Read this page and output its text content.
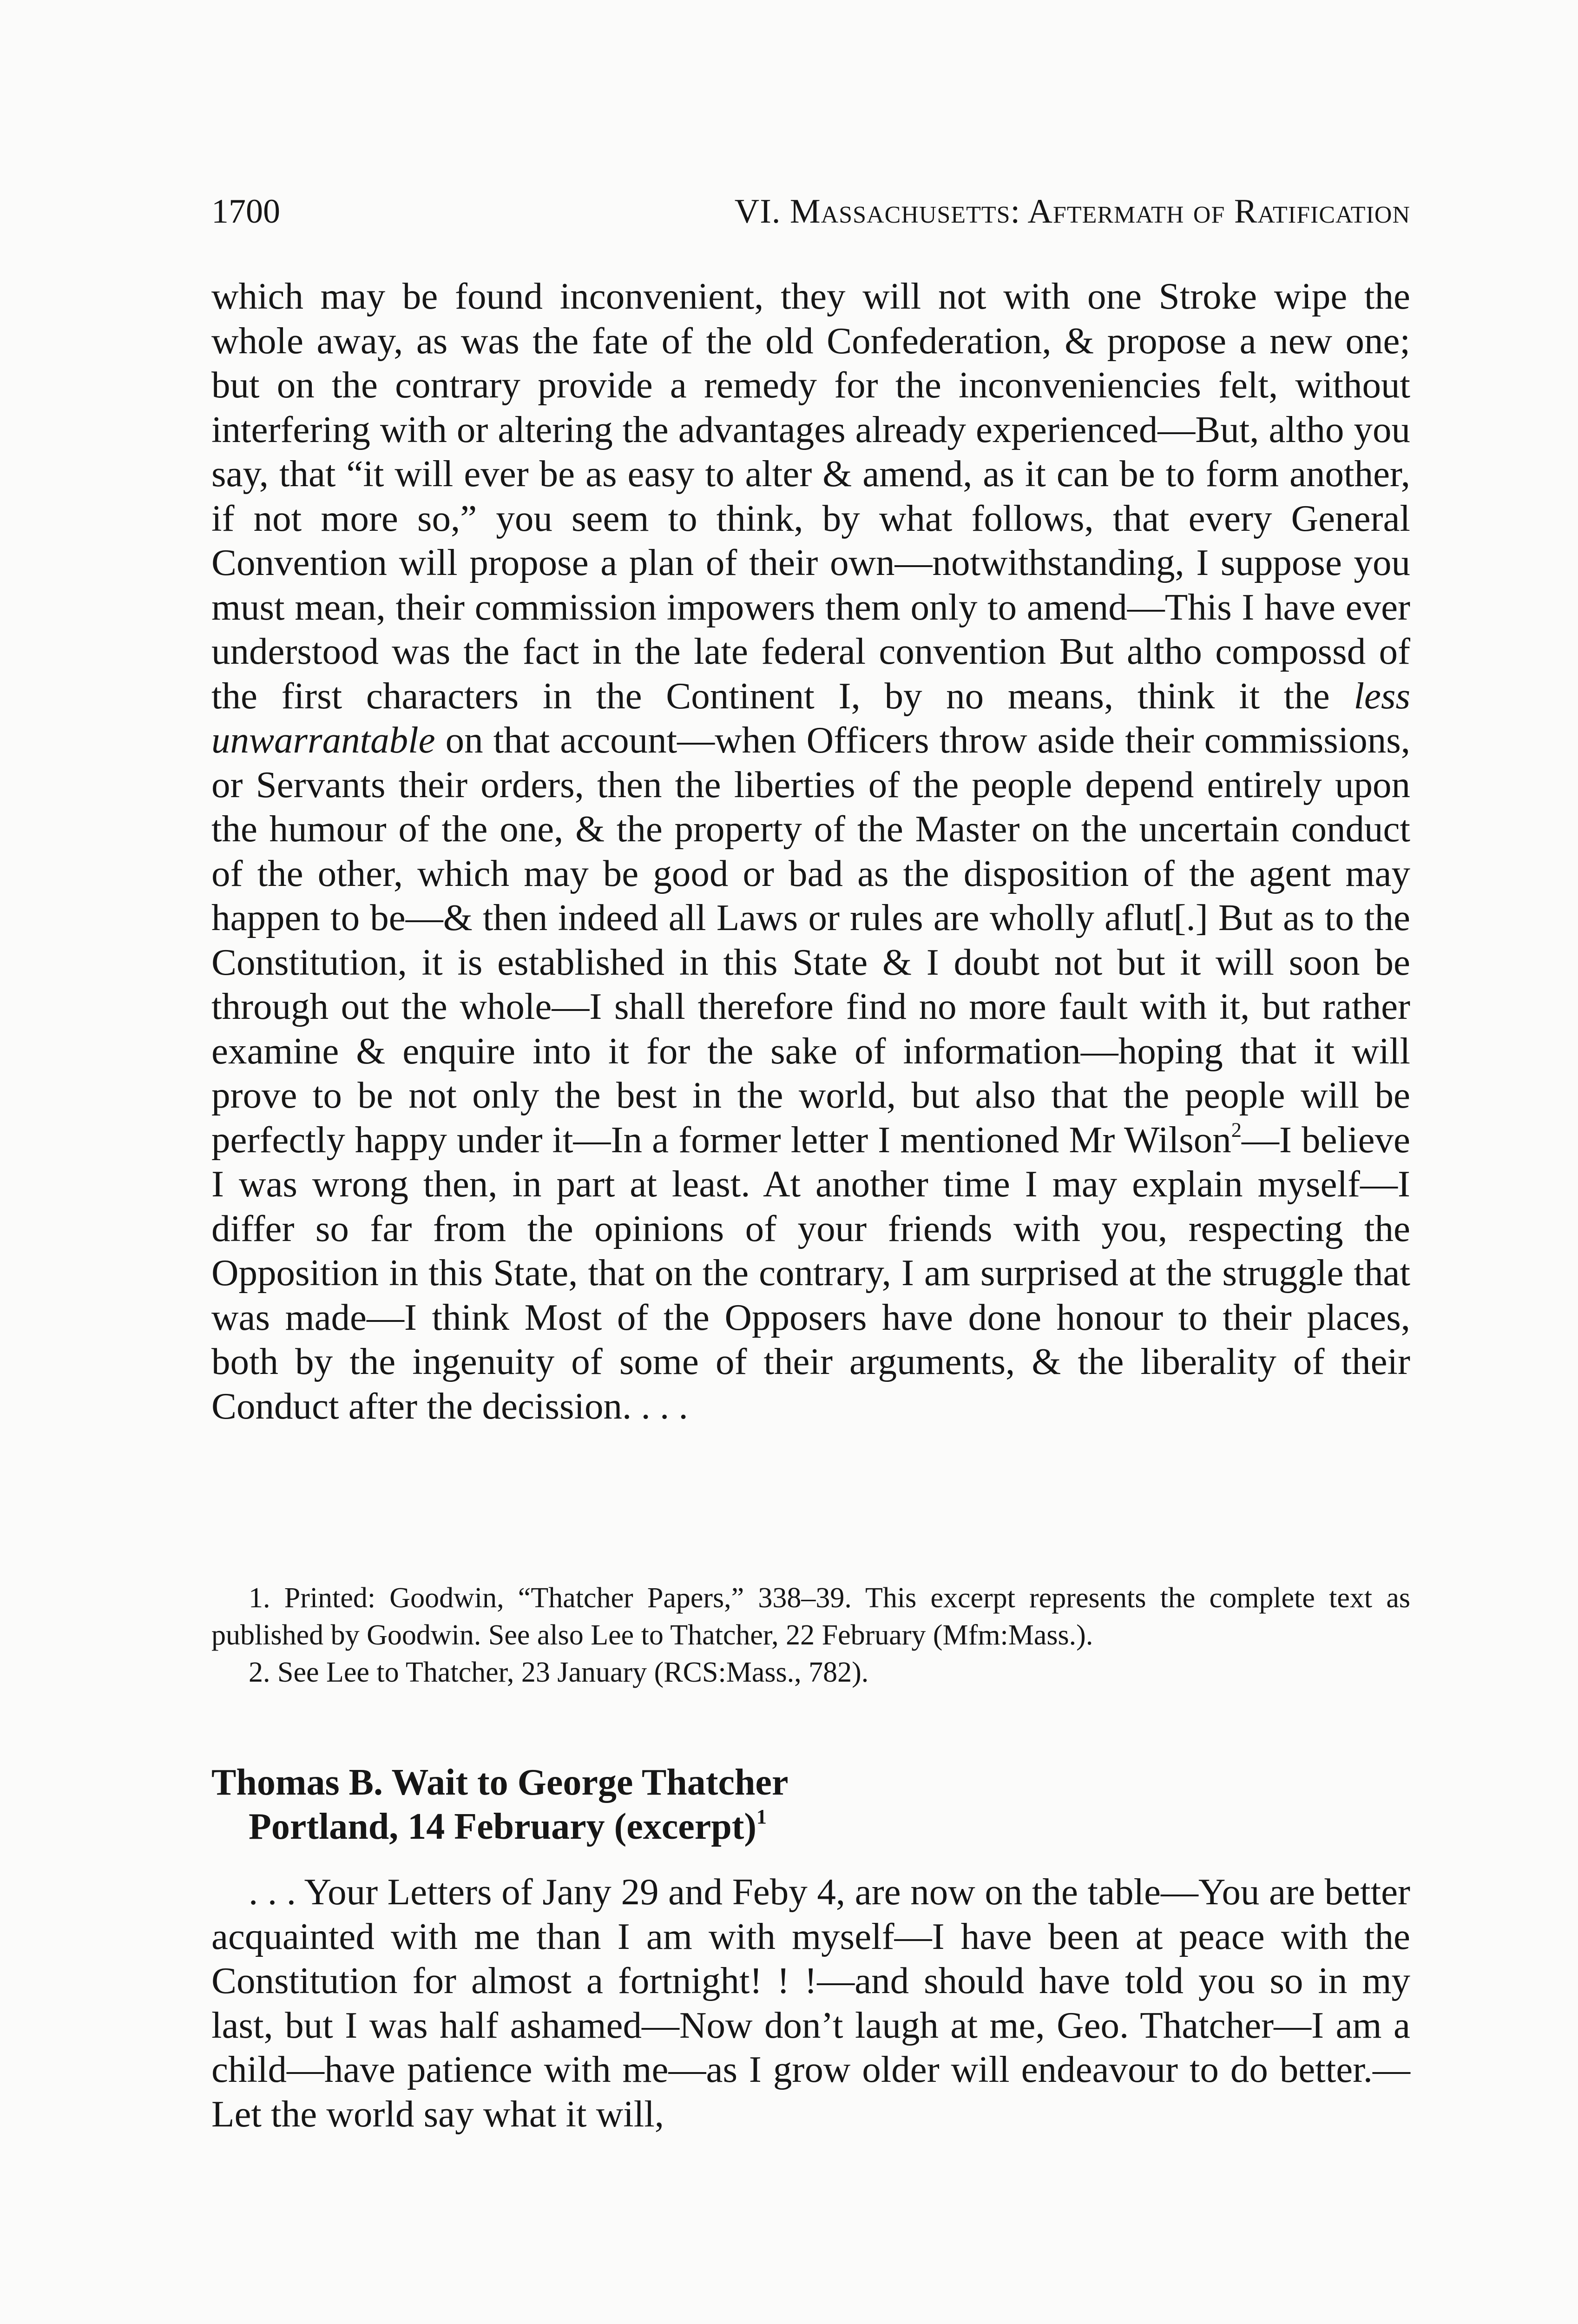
1700	VI. Massachusetts: Aftermath of Ratification

which may be found inconvenient, they will not with one Stroke wipe the whole away, as was the fate of the old Confederation, & propose a new one; but on the contrary provide a remedy for the inconveniencies felt, without interfering with or altering the advantages already experienced—But, altho you say, that “it will ever be as easy to alter & amend, as it can be to form another, if not more so,” you seem to think, by what follows, that every General Convention will propose a plan of their own—notwithstanding, I suppose you must mean, their commission impowers them only to amend—This I have ever understood was the fact in the late federal convention But altho compossd of the first characters in the Continent I, by no means, think it the less unwarrantable on that account—when Officers throw aside their commissions, or Servants their orders, then the liberties of the people depend entirely upon the humour of the one, & the property of the Master on the uncertain conduct of the other, which may be good or bad as the disposition of the agent may happen to be—& then indeed all Laws or rules are wholly aflut[.] But as to the Constitution, it is established in this State & I doubt not but it will soon be through out the whole—I shall therefore find no more fault with it, but rather examine & enquire into it for the sake of information—hoping that it will prove to be not only the best in the world, but also that the people will be perfectly happy under it—In a former letter I mentioned Mr Wilson$^2$—I believe I was wrong then, in part at least. At another time I may explain myself—I differ so far from the opinions of your friends with you, respecting the Opposition in this State, that on the contrary, I am surprised at the struggle that was made—I think Most of the Opposers have done honour to their places, both by the ingenuity of some of their arguments, & the liberality of their Conduct after the decission. . . .

1. Printed: Goodwin, “Thatcher Papers,” 338–39. This excerpt represents the complete text as published by Goodwin. See also Lee to Thatcher, 22 February (Mfm:Mass.).

2. See Lee to Thatcher, 23 January (RCS:Mass., 782).

Thomas B. Wait to George Thatcher
Portland, 14 February (excerpt)$^1$

. . . Your Letters of Jany 29 and Feby 4, are now on the table—You are better acquainted with me than I am with myself—I have been at peace with the Constitution for almost a fortnight! ! !—and should have told you so in my last, but I was half ashamed—Now don’t laugh at me, Geo. Thatcher—I am a child—have patience with me—as I grow older will endeavour to do better.—Let the world say what it will,
